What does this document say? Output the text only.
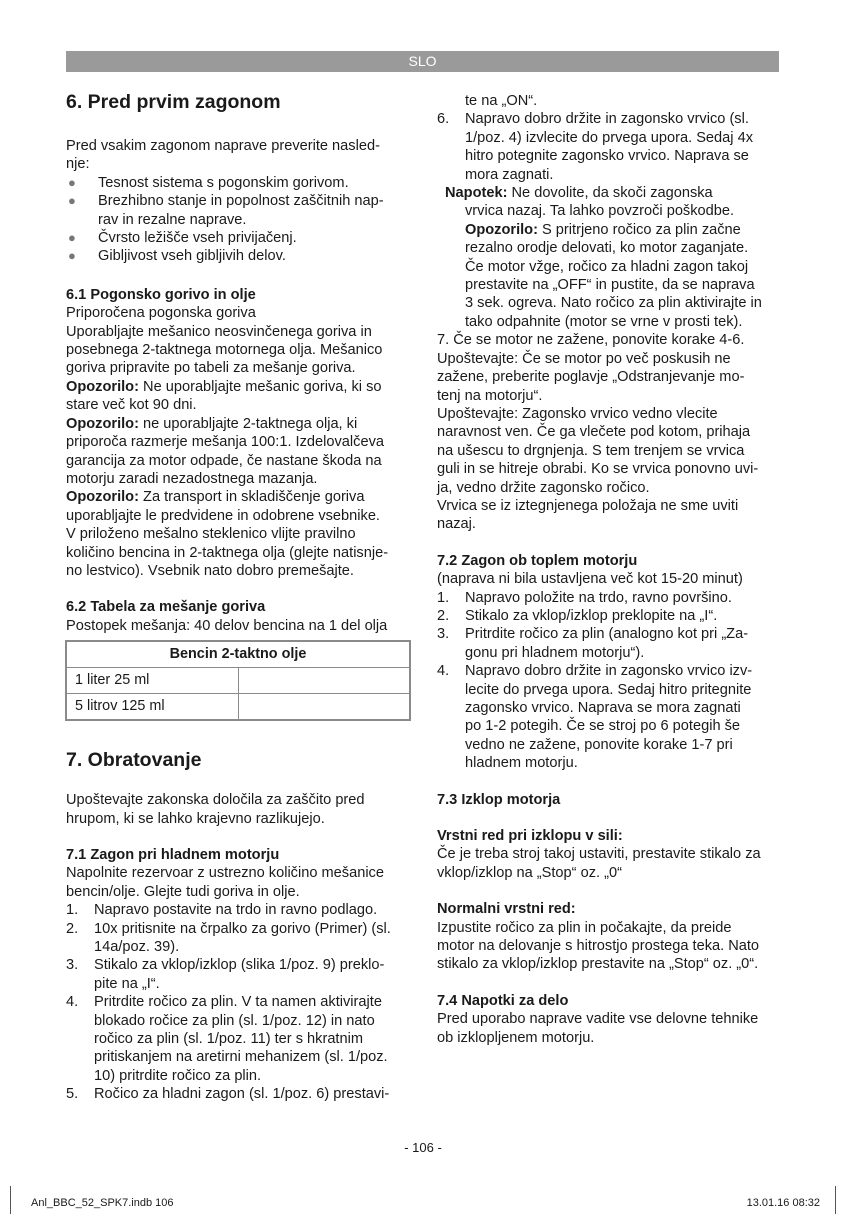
SLO
6. Pred prvim zagonom

Pred vsakim zagonom naprave preverite nasled-

nje:

● Tesnost sistema s pogonskim gorivom.

● Brezhibno stanje in popolnost zaščitnih nap-

rav in rezalne naprave.

● Čvrsto ležišče vseh privijačenj.

● Gibljivost vseh gibljivih delov.

6.1 Pogonsko gorivo in olje

Priporočena pogonska goriva

Uporabljajte mešanico neosvinčenega goriva in

posebnega 2-taktnega motornega olja. Mešanico

goriva pripravite po tabeli za mešanje goriva.

Opozorilo: Ne uporabljajte mešanic goriva, ki so

stare več kot 90 dni.

Opozorilo: ne uporabljajte 2-taktnega olja, ki

priporoča razmerje mešanja 100:1. Izdelovalčeva

garancija za motor odpade, če nastane škoda na

motorju zaradi nezadostnega mazanja.

Opozorilo: Za transport in skladiščenje goriva

uporabljajte le predvidene in odobrene vsebnike.

V priloženo mešalno steklenico vlijte pravilno

količino bencina in 2-taktnega olja (glejte natisnje-

no lestvico). Vsebnik nato dobro premešajte.

6.2 Tabela za mešanje goriva

Postopek mešanja: 40 delov bencina na 1 del olja

Bencin 2-taktno olje	
1 liter 25 ml	
5 litrov 125 ml	
7. Obratovanje

Upoštevajte zakonska določila za zaščito pred

hrupom, ki se lahko krajevno razlikujejo.

7.1 Zagon pri hladnem motorju

Napolnite rezervoar z ustrezno količino mešanice

bencin/olje. Glejte tudi goriva in olje.

1. Napravo postavite na trdo in ravno podlago.

2. 10x pritisnite na črpalko za gorivo (Primer) (sl.

14a/poz. 39).

3. Stikalo za vklop/izklop (slika 1/poz. 9) preklo-

pite na „I“.

4. Pritrdite ročico za plin. V ta namen aktivirajte

blokado ročice za plin (sl. 1/poz. 12) in nato

ročico za plin (sl. 1/poz. 11) ter s hkratnim

pritiskanjem na aretirni mehanizem (sl. 1/poz.

10) pritrdite ročico za plin.

5. Ročico za hladni zagon (sl. 1/poz. 6) prestavi-

te na „ON“.

6. Napravo dobro držite in zagonsko vrvico (sl.

1/poz. 4) izvlecite do prvega upora. Sedaj 4x

hitro potegnite zagonsko vrvico. Naprava se

mora zagnati.

Napotek: Ne dovolite, da skoči zagonska

vrvica nazaj. Ta lahko povzroči poškodbe.

Opozorilo: S pritrjeno ročico za plin začne

rezalno orodje delovati, ko motor zaganjate.

Če motor vžge, ročico za hladni zagon takoj

prestavite na „OFF“ in pustite, da se naprava

3 sek. ogreva. Nato ročico za plin aktivirajte in

tako odpahnite (motor se vrne v prosti tek).

7. Če se motor ne zažene, ponovite korake 4-6.

Upoštevajte: Če se motor po več poskusih ne

zažene, preberite poglavje „Odstranjevanje mo-

tenj na motorju“.

Upoštevajte: Zagonsko vrvico vedno vlecite

naravnost ven. Če ga vlečete pod kotom, prihaja

na ušescu to drgnjenja. S tem trenjem se vrvica

guli in se hitreje obrabi. Ko se vrvica ponovno uvi-

ja, vedno držite zagonsko ročico.

Vrvica se iz iztegnjenega položaja ne sme uviti

nazaj.

7.2 Zagon ob toplem motorju

(naprava ni bila ustavljena več kot 15-20 minut)

1. Napravo položite na trdo, ravno površino.

2. Stikalo za vklop/izklop preklopite na „I“.

3. Pritrdite ročico za plin (analogno kot pri „Za-

gonu pri hladnem motorju“).

4. Napravo dobro držite in zagonsko vrvico izv-

lecite do prvega upora. Sedaj hitro pritegnite

zagonsko vrvico. Naprava se mora zagnati

po 1-2 potegih. Če se stroj po 6 potegih še

vedno ne zažene, ponovite korake 1-7 pri

hladnem motorju.

7.3 Izklop motorja
Vrstni red pri izklopu v sili:

Če je treba stroj takoj ustaviti, prestavite stikalo za

vklop/izklop na „Stop“ oz. „0“

Normalni vrstni red:

Izpustite ročico za plin in počakajte, da preide

motor na delovanje s hitrostjo prostega teka. Nato

stikalo za vklop/izklop prestavite na „Stop“ oz. „0“.

7.4 Napotki za delo

Pred uporabo naprave vadite vse delovne tehnike

ob izklopljenem motorju.

- 106 -
Anl_BBC_52_SPK7.indb 106	13.01.16 08:32
